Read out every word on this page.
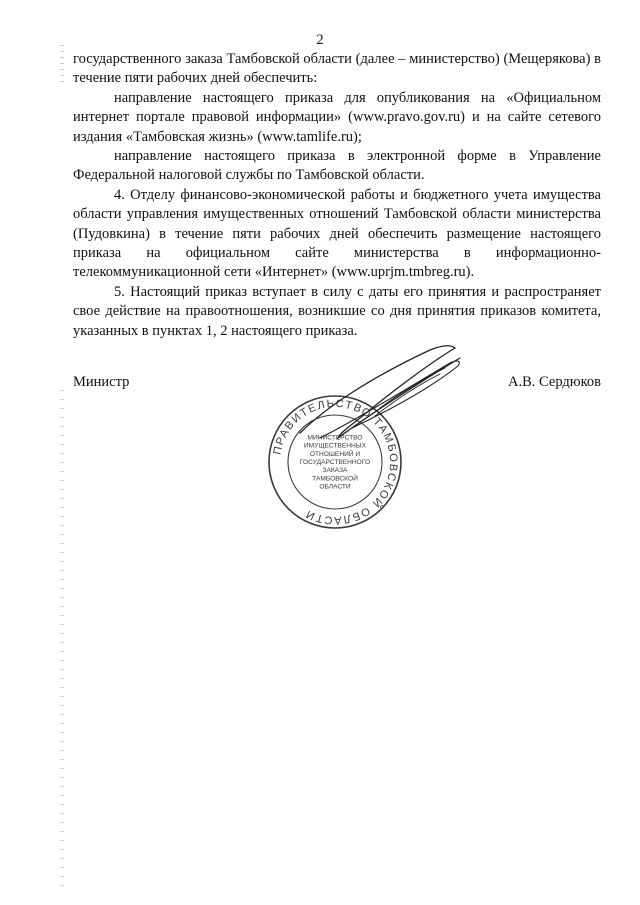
2

государственного заказа Тамбовской области (далее – министерство) (Мещерякова) в течение пяти рабочих дней обеспечить:

направление настоящего приказа для опубликования на «Официальном интернет портале правовой информации» (www.pravo.gov.ru) и на сайте сетевого издания «Тамбовская жизнь» (www.tamlife.ru);

направление настоящего приказа в электронной форме в Управление Федеральной налоговой службы по Тамбовской области.

4. Отделу финансово-экономической работы и бюджетного учета имущества области управления имущественных отношений Тамбовской области министерства (Пудовкина) в течение пяти рабочих дней обеспечить размещение настоящего приказа на официальном сайте министерства в информационно-телекоммуникационной сети «Интернет» (www.uprjm.tmbreg.ru).

5. Настоящий приказ вступает в силу с даты его принятия и распространяет свое действие на правоотношения, возникшие со дня принятия приказов комитета, указанных в пунктах 1, 2 настоящего приказа.

Министр	А.В. Сердюков
ПРАВИТЕЛЬСТВО ТАМБОВСКОЙ ОБЛАСТИ
МИНИСТЕРСТВО
ИМУЩЕСТВЕННЫХ
ОТНОШЕНИЙ И
ГОСУДАРСТВЕННОГО
ЗАКАЗА
ТАМБОВСКОЙ
ОБЛАСТИ
